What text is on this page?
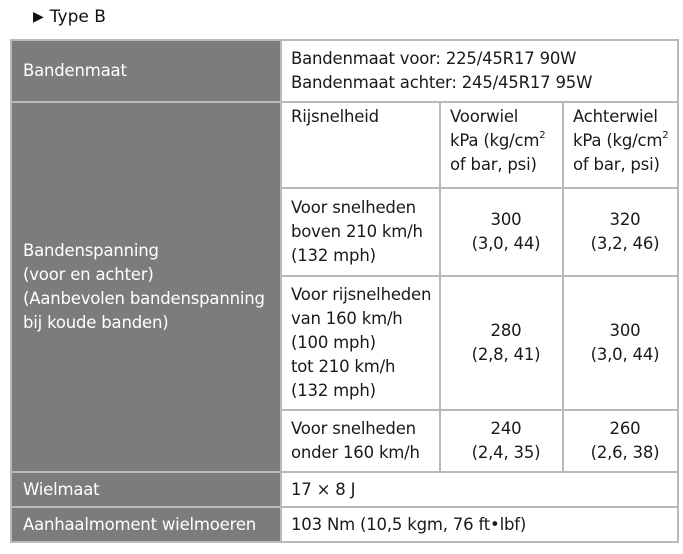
▶ Type B
Bandenmaat	Bandenmaat voor: 225/45R17 90W
Bandenmaat achter: 245/45R17 95W		

Bandenspanning
(voor en achter)
(Aanbevolen bandenspanning
bij koude banden)	Rijsnelheid	Voorwiel
kPa ($kg/cm^2$
of bar, psi)	Achterwiel
kPa ($kg/cm^2$
of bar, psi)

	Voor snelheden
boven 210 km/h
(132 mph)	300
(3,0, 44)	320
(3,2, 46)

	Voor rijsnelheden
van 160 km/h
(100 mph)
tot 210 km/h
(132 mph)	280
(2,8, 41)	300
(3,0, 44)

	Voor snelheden
onder 160 km/h	240
(2,4, 35)	260
(2,6, 38)

Wielmaat	17 × 8 J		
Aanhaalmoment wielmoeren	103 Nm (10,5 kgm, 76 ft•lbf)		
